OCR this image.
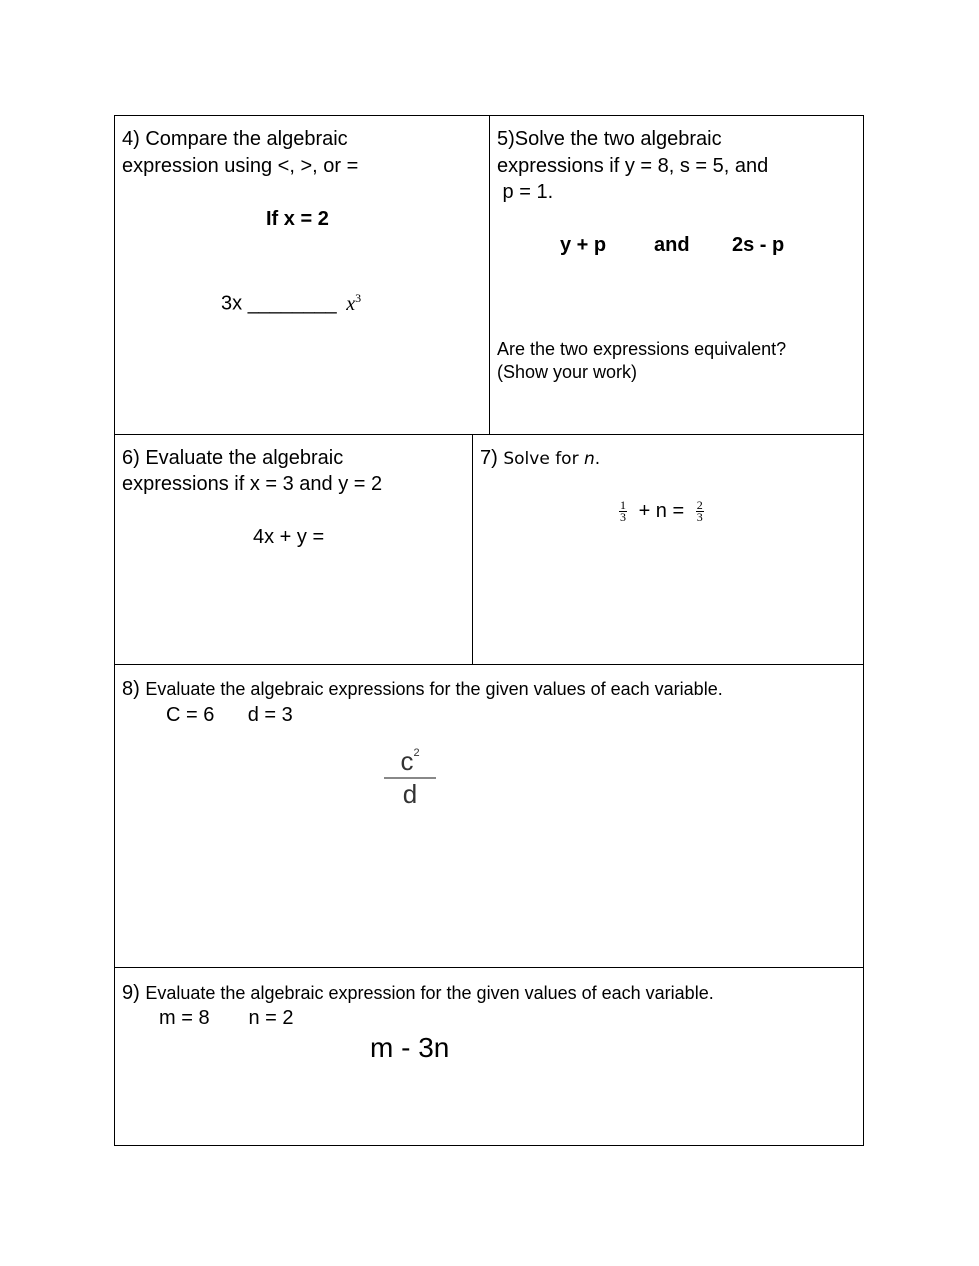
4) Compare the algebraic
expression using <, >, or =
If x = 2
3x ________ $x^3$
5)Solve the two algebraic
expressions if y = 8, s = 5, and
p = 1.
y + p and 2s - p
Are the two expressions equivalent?
(Show your work)
6) Evaluate the algebraic
expressions if x = 3 and y = 2
4x + y =
7) Solve for n.
$\frac{1}{3} + n = \frac{2}{3}$
8) Evaluate the algebraic expressions for the given values of each variable.
C = 6      d = 3
$c^2$
d
9) Evaluate the algebraic expression for the given values of each variable.
m = 8       n = 2
m - 3n
